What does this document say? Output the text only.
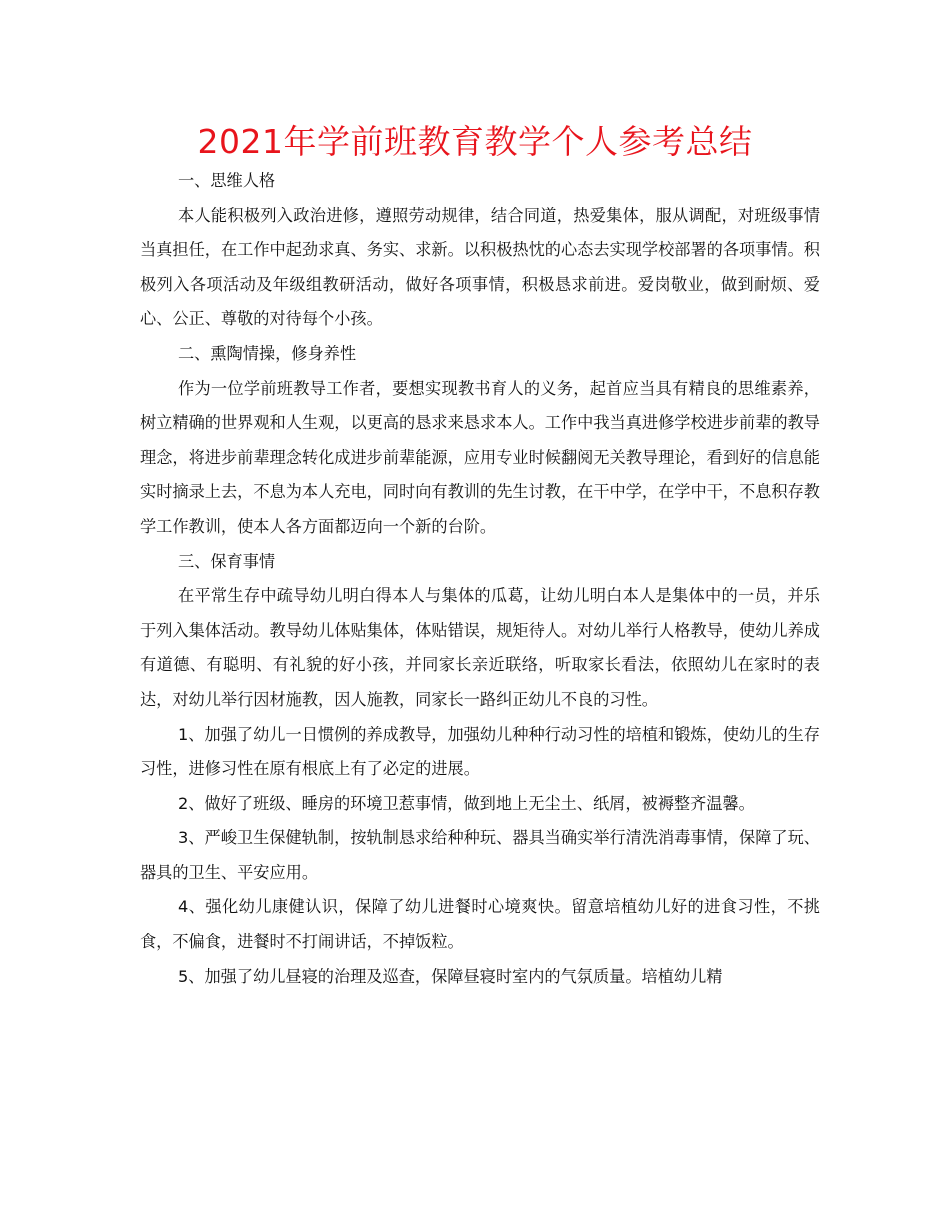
2021年学前班教育教学个人参考总结

一、思维人格

本人能积极列入政治进修，遵照劳动规律，结合同道，热爱集体，服从调配，对班级事情当真担任，在工作中起劲求真、务实、求新。以积极热忱的心态去实现学校部署的各项事情。积极列入各项活动及年级组教研活动，做好各项事情，积极恳求前进。爱岗敬业，做到耐烦、爱心、公正、尊敬的对待每个小孩。

二、熏陶情操，修身养性

作为一位学前班教导工作者，要想实现教书育人的义务，起首应当具有精良的思维素养，树立精确的世界观和人生观，以更高的恳求来恳求本人。工作中我当真进修学校进步前辈的教导理念，将进步前辈理念转化成进步前辈能源，应用专业时候翻阅无关教导理论，看到好的信息能实时摘录上去，不息为本人充电，同时向有教训的先生讨教，在干中学，在学中干，不息积存教学工作教训，使本人各方面都迈向一个新的台阶。

三、保育事情

在平常生存中疏导幼儿明白得本人与集体的瓜葛，让幼儿明白本人是集体中的一员，并乐于列入集体活动。教导幼儿体贴集体，体贴错误，规矩待人。对幼儿举行人格教导，使幼儿养成有道德、有聪明、有礼貌的好小孩，并同家长亲近联络，听取家长看法，依照幼儿在家时的表达，对幼儿举行因材施教，因人施教，同家长一路纠正幼儿不良的习性。

1、加强了幼儿一日惯例的养成教导，加强幼儿种种行动习性的培植和锻炼，使幼儿的生存习性，进修习性在原有根底上有了必定的进展。

2、做好了班级、睡房的环境卫惹事情，做到地上无尘土、纸屑，被褥整齐温馨。

3、严峻卫生保健轨制，按轨制恳求给种种玩、器具当确实举行清洗消毒事情，保障了玩、器具的卫生、平安应用。

4、强化幼儿康健认识，保障了幼儿进餐时心境爽快。留意培植幼儿好的进食习性，不挑食，不偏食，进餐时不打闹讲话，不掉饭粒。

5、加强了幼儿昼寝的治理及巡查，保障昼寝时室内的气氛质量。培植幼儿精
